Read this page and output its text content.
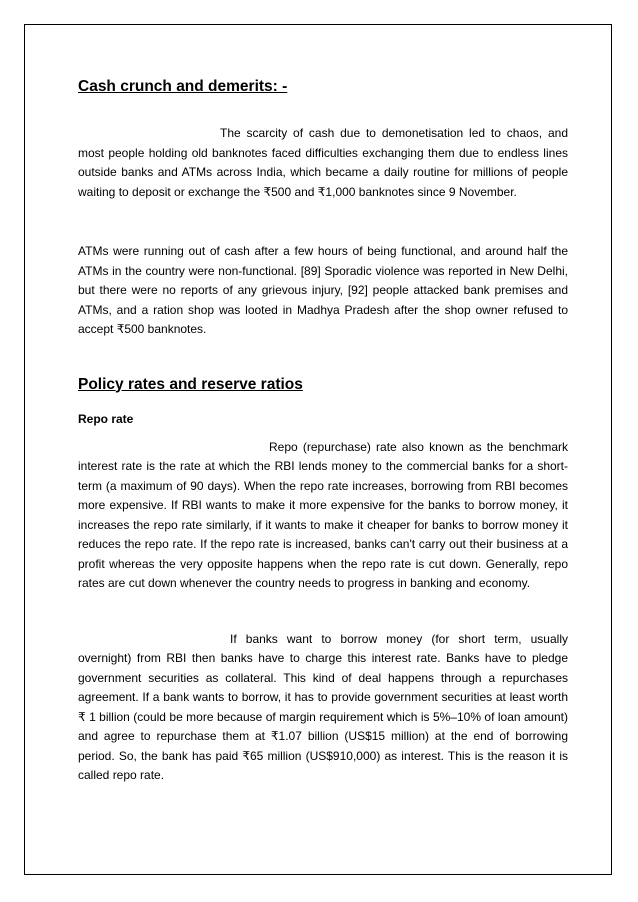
Cash crunch and demerits: -

The scarcity of cash due to demonetisation led to chaos, and most people holding old banknotes faced difficulties exchanging them due to endless lines outside banks and ATMs across India, which became a daily routine for millions of people waiting to deposit or exchange the ₹500 and ₹1,000 banknotes since 9 November.

ATMs were running out of cash after a few hours of being functional, and around half the ATMs in the country were non-functional. [89] Sporadic violence was reported in New Delhi, but there were no reports of any grievous injury, [92] people attacked bank premises and ATMs, and a ration shop was looted in Madhya Pradesh after the shop owner refused to accept ₹500 banknotes.

Policy rates and reserve ratios
Repo rate

Repo (repurchase) rate also known as the benchmark interest rate is the rate at which the RBI lends money to the commercial banks for a short-term (a maximum of 90 days). When the repo rate increases, borrowing from RBI becomes more expensive. If RBI wants to make it more expensive for the banks to borrow money, it increases the repo rate similarly, if it wants to make it cheaper for banks to borrow money it reduces the repo rate. If the repo rate is increased, banks can't carry out their business at a profit whereas the very opposite happens when the repo rate is cut down. Generally, repo rates are cut down whenever the country needs to progress in banking and economy.

If banks want to borrow money (for short term, usually overnight) from RBI then banks have to charge this interest rate. Banks have to pledge government securities as collateral. This kind of deal happens through a repurchases agreement. If a bank wants to borrow, it has to provide government securities at least worth ₹ 1 billion (could be more because of margin requirement which is 5%–10% of loan amount) and agree to repurchase them at ₹1.07 billion (US$15 million) at the end of borrowing period. So, the bank has paid ₹65 million (US$910,000) as interest. This is the reason it is called repo rate.
